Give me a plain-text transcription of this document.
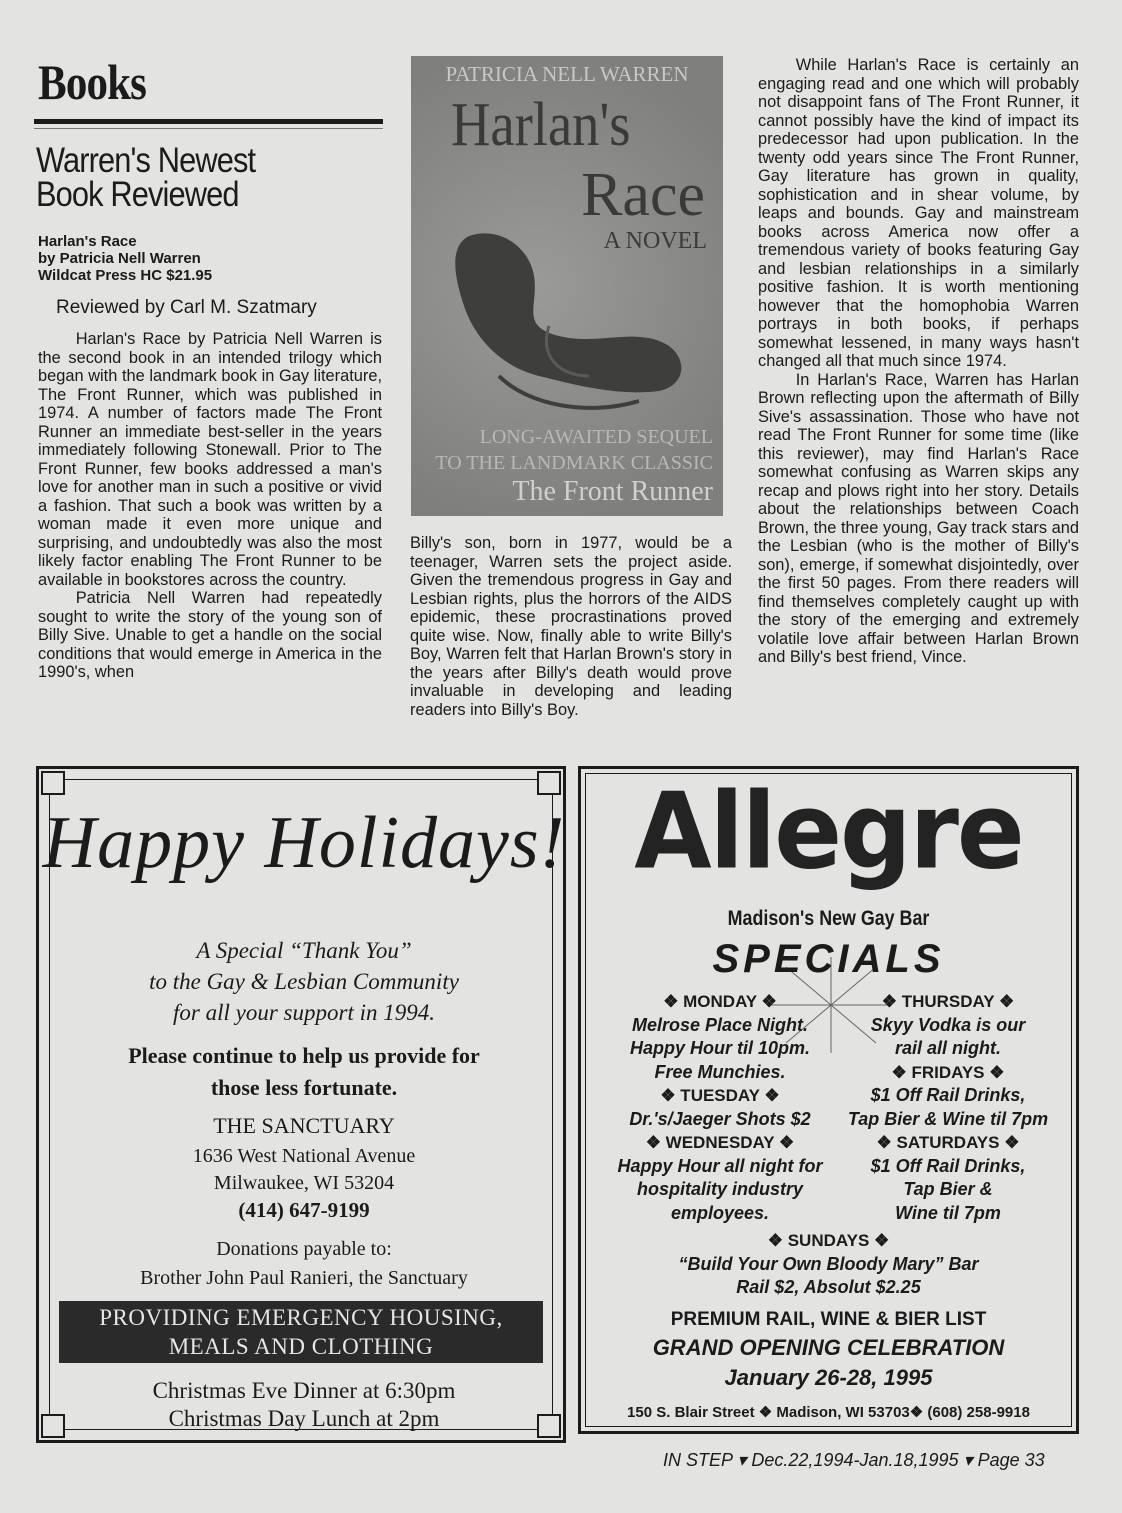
Books
Warren's Newest
Book Reviewed
Harlan's Race
by Patricia Nell Warren
Wildcat Press HC $21.95
Reviewed by Carl M. Szatmary

Harlan's Race by Patricia Nell Warren is the second book in an intended trilogy which began with the landmark book in Gay literature, The Front Runner, which was published in 1974. A number of factors made The Front Runner an immediate best-seller in the years immediately following Stonewall. Prior to The Front Runner, few books addressed a man's love for another man in such a positive or vivid a fashion. That such a book was written by a woman made it even more unique and surprising, and undoubtedly was also the most likely factor enabling The Front Runner to be available in bookstores across the country.

Patricia Nell Warren had repeatedly sought to write the story of the young son of Billy Sive. Unable to get a handle on the social conditions that would emerge in America in the 1990's, when

PATRICIA NELL WARREN
Harlan's
Race
A NOVEL
LONG-AWAITED SEQUEL
TO THE LANDMARK CLASSIC
The Front Runner

Billy's son, born in 1977, would be a teenager, Warren sets the project aside. Given the tremendous progress in Gay and Lesbian rights, plus the horrors of the AIDS epidemic, these procrastinations proved quite wise. Now, finally able to write Billy's Boy, Warren felt that Harlan Brown's story in the years after Billy's death would prove invaluable in developing and leading readers into Billy's Boy.

While Harlan's Race is certainly an engaging read and one which will probably not disappoint fans of The Front Runner, it cannot possibly have the kind of impact its predecessor had upon publication. In the twenty odd years since The Front Runner, Gay literature has grown in quality, sophistication and in shear volume, by leaps and bounds. Gay and mainstream books across America now offer a tremendous variety of books featuring Gay and lesbian relationships in a similarly positive fashion. It is worth mentioning however that the homophobia Warren portrays in both books, if perhaps somewhat lessened, in many ways hasn't changed all that much since 1974.

In Harlan's Race, Warren has Harlan Brown reflecting upon the aftermath of Billy Sive's assassination. Those who have not read The Front Runner for some time (like this reviewer), may find Harlan's Race somewhat confusing as Warren skips any recap and plows right into her story. Details about the relationships between Coach Brown, the three young, Gay track stars and the Lesbian (who is the mother of Billy's son), emerge, if somewhat disjointedly, over the first 50 pages. From there readers will find themselves completely caught up with the story of the emerging and extremely volatile love affair between Harlan Brown and Billy's best friend, Vince.

Happy Holidays!
A Special “Thank You”
to the Gay & Lesbian Community
for all your support in 1994.
Please continue to help us provide for
those less fortunate.
THE SANCTUARY
1636 West National Avenue
Milwaukee, WI 53204
(414) 647-9199
Donations payable to:
Brother John Paul Ranieri, the Sanctuary
PROVIDING EMERGENCY HOUSING,
MEALS AND CLOTHING
Christmas Eve Dinner at 6:30pm
Christmas Day Lunch at 2pm
Allegre
Madison's New Gay Bar
SPECIALS
❖ MONDAY ❖
Melrose Place Night.
Happy Hour til 10pm.
Free Munchies.
❖ TUESDAY ❖
Dr.'s/Jaeger Shots $2
❖ WEDNESDAY ❖
Happy Hour all night for
hospitality industry
employees.
❖ THURSDAY ❖
Skyy Vodka is our
rail all night.
❖ FRIDAYS ❖
$1 Off Rail Drinks,
Tap Bier & Wine til 7pm
❖ SATURDAYS ❖
$1 Off Rail Drinks,
Tap Bier &
Wine til 7pm
❖ SUNDAYS ❖
“Build Your Own Bloody Mary” Bar
Rail $2, Absolut $2.25
PREMIUM RAIL, WINE & BIER LIST
GRAND OPENING CELEBRATION
January 26-28, 1995
150 S. Blair Street ❖ Madison, WI 53703❖ (608) 258-9918
IN STEP ▾ Dec.22,1994-Jan.18,1995 ▾ Page 33
